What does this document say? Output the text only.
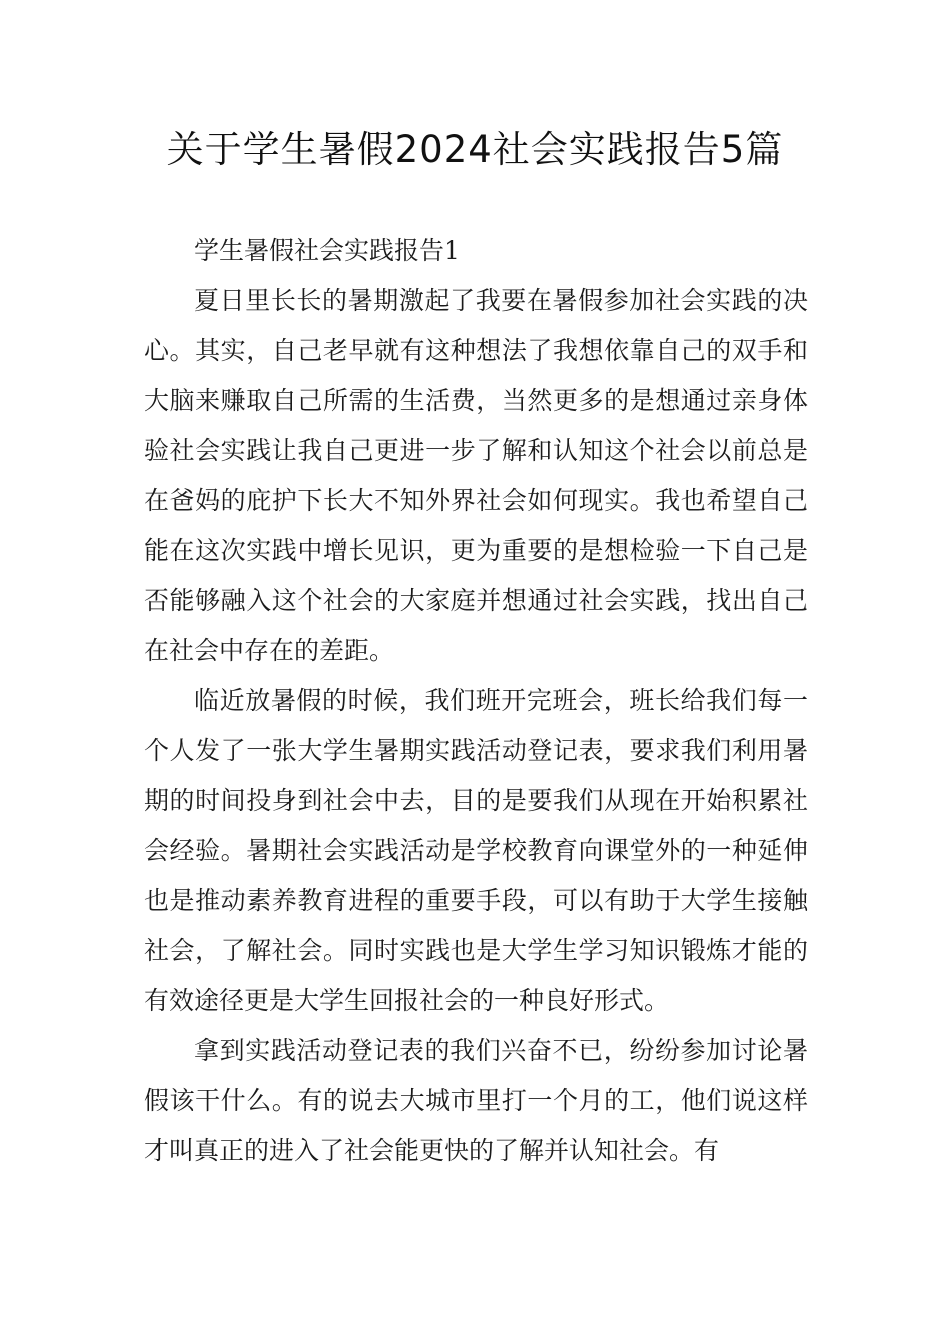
关于学生暑假2024社会实践报告5篇

学生暑假社会实践报告1

夏日里长长的暑期激起了我要在暑假参加社会实践的决心。其实，自己老早就有这种想法了我想依靠自己的双手和大脑来赚取自己所需的生活费，当然更多的是想通过亲身体验社会实践让我自己更进一步了解和认知这个社会以前总是在爸妈的庇护下长大不知外界社会如何现实。我也希望自己能在这次实践中增长见识，更为重要的是想检验一下自己是否能够融入这个社会的大家庭并想通过社会实践，找出自己在社会中存在的差距。

临近放暑假的时候，我们班开完班会，班长给我们每一个人发了一张大学生暑期实践活动登记表，要求我们利用暑期的时间投身到社会中去，目的是要我们从现在开始积累社会经验。暑期社会实践活动是学校教育向课堂外的一种延伸也是推动素养教育进程的重要手段，可以有助于大学生接触社会，了解社会。同时实践也是大学生学习知识锻炼才能的有效途径更是大学生回报社会的一种良好形式。

拿到实践活动登记表的我们兴奋不已，纷纷参加讨论暑假该干什么。有的说去大城市里打一个月的工，他们说这样才叫真正的进入了社会能更快的了解并认知社会。有
